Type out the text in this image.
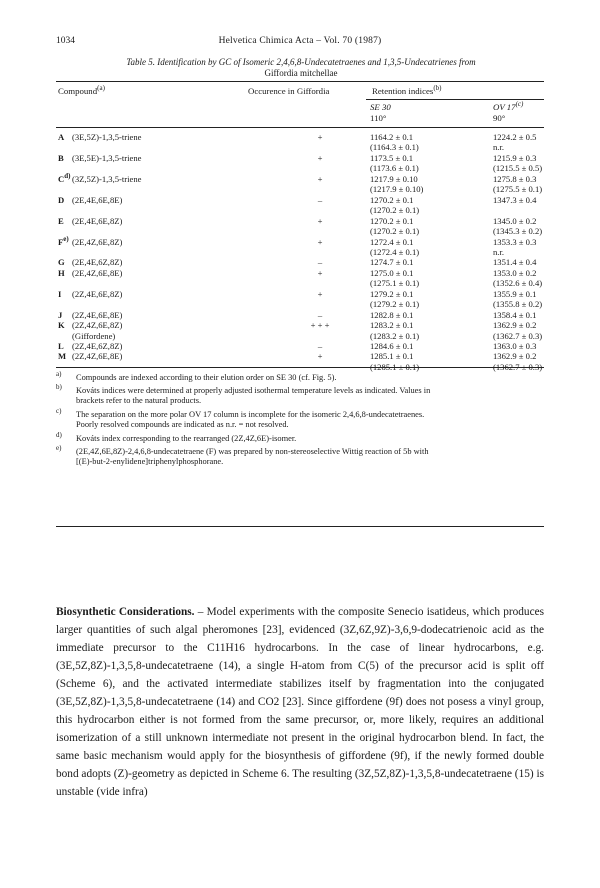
1034	Helvetica Chimica Acta – Vol. 70 (1987)
Table 5. Identification by GC of Isomeric 2,4,6,8-Undecatetraenes and 1,3,5-Undecatrienes from
Giffordia mitchellae
Compound$^{(a)}$	Occurence in Giffordia	Retention indices$^{(b)}$
SE 30	OV 17$^{(c)}$
110°	90°
A (3E,5Z)-1,3,5-triene	+	1164.2 ± 0.1	1224.2 ± 0.5
(1164.3 ± 0.1)	n.r.
B (3E,5E)-1,3,5-triene	+	1173.5 ± 0.1	1215.9 ± 0.3
(1173.6 ± 0.1)	(1215.5 ± 0.5)
$C^{d)}$ (3Z,5Z)-1,3,5-triene	+	1217.9 ± 0.10	1275.8 ± 0.3
(1217.9 ± 0.10)	(1275.5 ± 0.1)
D (2E,4E,6E,8E)	–	1270.2 ± 0.1	1347.3 ± 0.4
(1270.2 ± 0.1)
E (2E,4E,6E,8Z)	+	1270.2 ± 0.1	1345.0 ± 0.2
(1270.2 ± 0.1)	(1345.3 ± 0.2)
$F^{e)}$ (2E,4Z,6E,8Z)	+	1272.4 ± 0.1	1353.3 ± 0.3
(1272.4 ± 0.1)	n.r.
G (2E,4E,6Z,8Z)	–	1274.7 ± 0.1	1351.4 ± 0.4
H (2E,4Z,6E,8E)	+	1275.0 ± 0.1	1353.0 ± 0.2
(1275.1 ± 0.1)	(1352.6 ± 0.4)
I (2Z,4E,6E,8Z)	+	1279.2 ± 0.1	1355.9 ± 0.1
(1279.2 ± 0.1)	(1355.8 ± 0.2)
J (2Z,4E,6E,8E)	–	1282.8 ± 0.1	1358.4 ± 0.1
K (2Z,4Z,6E,8Z)	+ + +	1283.2 ± 0.1	1362.9 ± 0.2
(Giffordene)	(1283.2 ± 0.1)	(1362.7 ± 0.3)
L (2Z,4E,6Z,8Z)	–	1284.6 ± 0.1	1363.0 ± 0.3
M (2Z,4Z,6E,8E)	+	1285.1 ± 0.1	1362.9 ± 0.2
(1285.1 ± 0.1)	(1362.7 ± 0.3)
$^{a)}$ Compounds are indexed according to their elution order on SE 30 (cf. Fig. 5).
$^{b)}$ Kováts indices were determined at properly adjusted isothermal temperature levels as indicated. Values in
brackets refer to the natural products.
$^{c)}$ The separation on the more polar OV 17 column is incomplete for the isomeric 2,4,6,8-undecatetraenes.
Poorly resolved compounds are indicated as n.r. = not resolved.
$^{d)}$ Kováts index corresponding to the rearranged (2Z,4Z,6E)-isomer.
$^{e)}$ (2E,4Z,6E,8Z)-2,4,6,8-undecatetraene (F) was prepared by non-stereoselective Wittig reaction of 5b with
[(E)-but-2-enylidene]triphenylphosphorane.
Biosynthetic Considerations. – Model experiments with the composite Senecio isatideus, which produces larger quantities of such algal pheromones [23], evidenced (3Z,6Z,9Z)-3,6,9-dodecatrienoic acid as the immediate precursor to the C11H16 hydrocarbons. In the case of linear hydrocarbons, e.g. (3E,5Z,8Z)-1,3,5,8-undecatetraene (14), a single H-atom from C(5) of the precursor acid is split off (Scheme 6), and the activated intermediate stabilizes itself by fragmentation into the conjugated (3E,5Z,8Z)-1,3,5,8-undecatetraene (14) and CO2 [23]. Since giffordene (9f) does not posess a vinyl group, this hydrocarbon either is not formed from the same precursor, or, more likely, requires an additional isomerization of a still unknown intermediate not present in the original hydrocarbon blend. In fact, the same basic mechanism would apply for the biosynthesis of giffordene (9f), if the newly formed double bond adopts (Z)-geometry as depicted in Scheme 6. The resulting (3Z,5Z,8Z)-1,3,5,8-undecatetraene (15) is unstable (vide infra)
